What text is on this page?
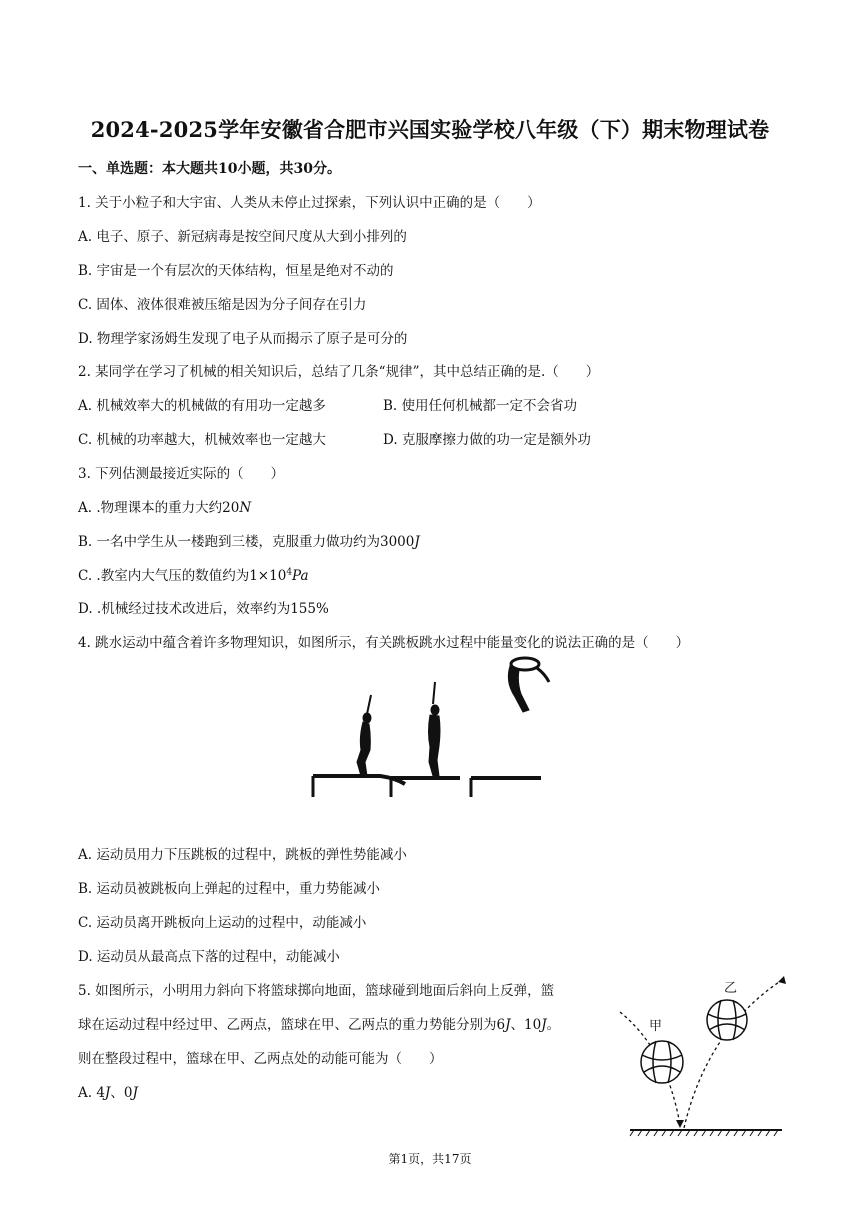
2024-2025学年安徽省合肥市兴国实验学校八年级（下）期末物理试卷
一、单选题：本大题共10小题，共30分。
1. 关于小粒子和大宇宙、人类从未停止过探索，下列认识中正确的是（　　）
A. 电子、原子、新冠病毒是按空间尺度从大到小排列的
B. 宇宙是一个有层次的天体结构，恒星是绝对不动的
C. 固体、液体很难被压缩是因为分子间存在引力
D. 物理学家汤姆生发现了电子从而揭示了原子是可分的
2. 某同学在学习了机械的相关知识后，总结了几条“规律”，其中总结正确的是.（　　）
A. 机械效率大的机械做的有用功一定越多	B. 使用任何机械都一定不会省功
C. 机械的功率越大，机械效率也一定越大	D. 克服摩擦力做的功一定是额外功
3. 下列估测最接近实际的（　　）
A. .物理课本的重力大约20N
B. 一名中学生从一楼跑到三楼，克服重力做功约为3000J
C. .教室内大气压的数值约为$1\times 10^4Pa$
D. .机械经过技术改进后，效率约为155%
4. 跳水运动中蕴含着许多物理知识，如图所示，有关跳板跳水过程中能量变化的说法正确的是（　　）
A. 运动员用力下压跳板的过程中，跳板的弹性势能减小
B. 运动员被跳板向上弹起的过程中，重力势能减小
C. 运动员离开跳板向上运动的过程中，动能减小
D. 运动员从最高点下落的过程中，动能减小
5. 如图所示，小明用力斜向下将篮球掷向地面，篮球碰到地面后斜向上反弹，篮
球在运动过程中经过甲、乙两点，篮球在甲、乙两点的重力势能分别为6J、10J。
则在整段过程中，篮球在甲、乙两点处的动能可能为（　　）
A. 4J、0J
甲
乙
第1页，共17页
